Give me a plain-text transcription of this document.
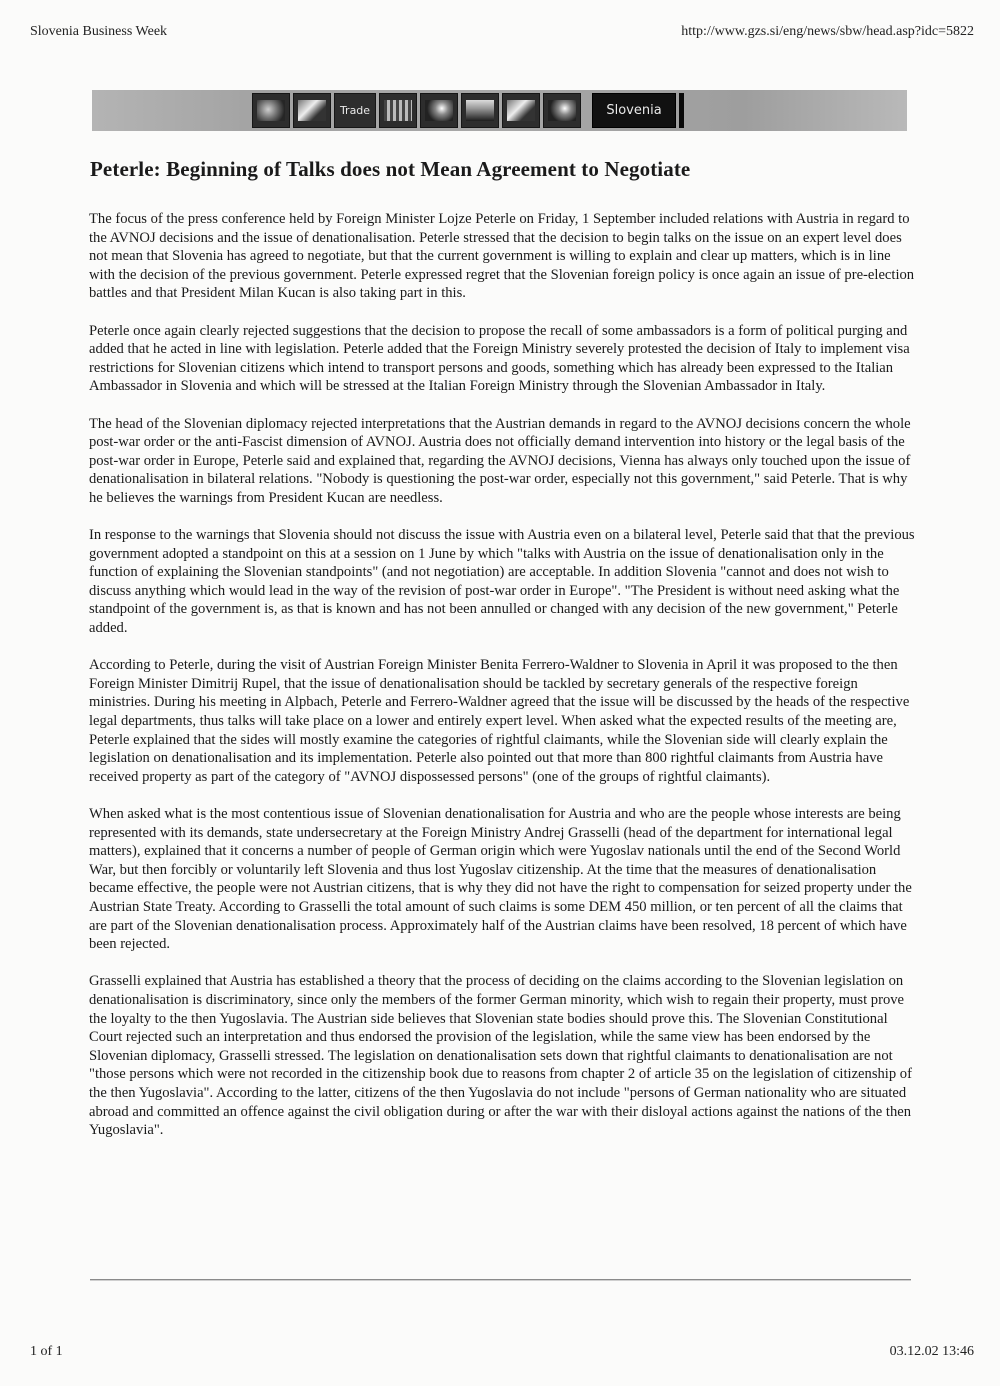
Slovenia Business Week	http://www.gzs.si/eng/news/sbw/head.asp?idc=5822
Trade	Slovenia
Peterle: Beginning of Talks does not Mean Agreement to Negotiate

The focus of the press conference held by Foreign Minister Lojze Peterle on Friday, 1 September included relations with Austria in regard to the AVNOJ decisions and the issue of denationalisation. Peterle stressed that the decision to begin talks on the issue on an expert level does not mean that Slovenia has agreed to negotiate, but that the current government is willing to explain and clear up matters, which is in line with the decision of the previous government. Peterle expressed regret that the Slovenian foreign policy is once again an issue of pre-election battles and that President Milan Kucan is also taking part in this.

Peterle once again clearly rejected suggestions that the decision to propose the recall of some ambassadors is a form of political purging and added that he acted in line with legislation. Peterle added that the Foreign Ministry severely protested the decision of Italy to implement visa restrictions for Slovenian citizens which intend to transport persons and goods, something which has already been expressed to the Italian Ambassador in Slovenia and which will be stressed at the Italian Foreign Ministry through the Slovenian Ambassador in Italy.

The head of the Slovenian diplomacy rejected interpretations that the Austrian demands in regard to the AVNOJ decisions concern the whole post-war order or the anti-Fascist dimension of AVNOJ. Austria does not officially demand intervention into history or the legal basis of the post-war order in Europe, Peterle said and explained that, regarding the AVNOJ decisions, Vienna has always only touched upon the issue of denationalisation in bilateral relations. "Nobody is questioning the post-war order, especially not this government," said Peterle. That is why he believes the warnings from President Kucan are needless.

In response to the warnings that Slovenia should not discuss the issue with Austria even on a bilateral level, Peterle said that that the previous government adopted a standpoint on this at a session on 1 June by which "talks with Austria on the issue of denationalisation only in the function of explaining the Slovenian standpoints" (and not negotiation) are acceptable. In addition Slovenia "cannot and does not wish to discuss anything which would lead in the way of the revision of post-war order in Europe". "The President is without need asking what the standpoint of the government is, as that is known and has not been annulled or changed with any decision of the new government," Peterle added.

According to Peterle, during the visit of Austrian Foreign Minister Benita Ferrero-Waldner to Slovenia in April it was proposed to the then Foreign Minister Dimitrij Rupel, that the issue of denationalisation should be tackled by secretary generals of the respective foreign ministries. During his meeting in Alpbach, Peterle and Ferrero-Waldner agreed that the issue will be discussed by the heads of the respective legal departments, thus talks will take place on a lower and entirely expert level. When asked what the expected results of the meeting are, Peterle explained that the sides will mostly examine the categories of rightful claimants, while the Slovenian side will clearly explain the legislation on denationalisation and its implementation. Peterle also pointed out that more than 800 rightful claimants from Austria have received property as part of the category of "AVNOJ dispossessed persons" (one of the groups of rightful claimants).

When asked what is the most contentious issue of Slovenian denationalisation for Austria and who are the people whose interests are being represented with its demands, state undersecretary at the Foreign Ministry Andrej Grasselli (head of the department for international legal matters), explained that it concerns a number of people of German origin which were Yugoslav nationals until the end of the Second World War, but then forcibly or voluntarily left Slovenia and thus lost Yugoslav citizenship. At the time that the measures of denationalisation became effective, the people were not Austrian citizens, that is why they did not have the right to compensation for seized property under the Austrian State Treaty. According to Grasselli the total amount of such claims is some DEM 450 million, or ten percent of all the claims that are part of the Slovenian denationalisation process. Approximately half of the Austrian claims have been resolved, 18 percent of which have been rejected.

Grasselli explained that Austria has established a theory that the process of deciding on the claims according to the Slovenian legislation on denationalisation is discriminatory, since only the members of the former German minority, which wish to regain their property, must prove the loyalty to the then Yugoslavia. The Austrian side believes that Slovenian state bodies should prove this. The Slovenian Constitutional Court rejected such an interpretation and thus endorsed the provision of the legislation, while the same view has been endorsed by the Slovenian diplomacy, Grasselli stressed. The legislation on denationalisation sets down that rightful claimants to denationalisation are not "those persons which were not recorded in the citizenship book due to reasons from chapter 2 of article 35 on the legislation of citizenship of the then Yugoslavia". According to the latter, citizens of the then Yugoslavia do not include "persons of German nationality who are situated abroad and committed an offence against the civil obligation during or after the war with their disloyal actions against the nations of the then Yugoslavia".

1 of 1	03.12.02 13:46
